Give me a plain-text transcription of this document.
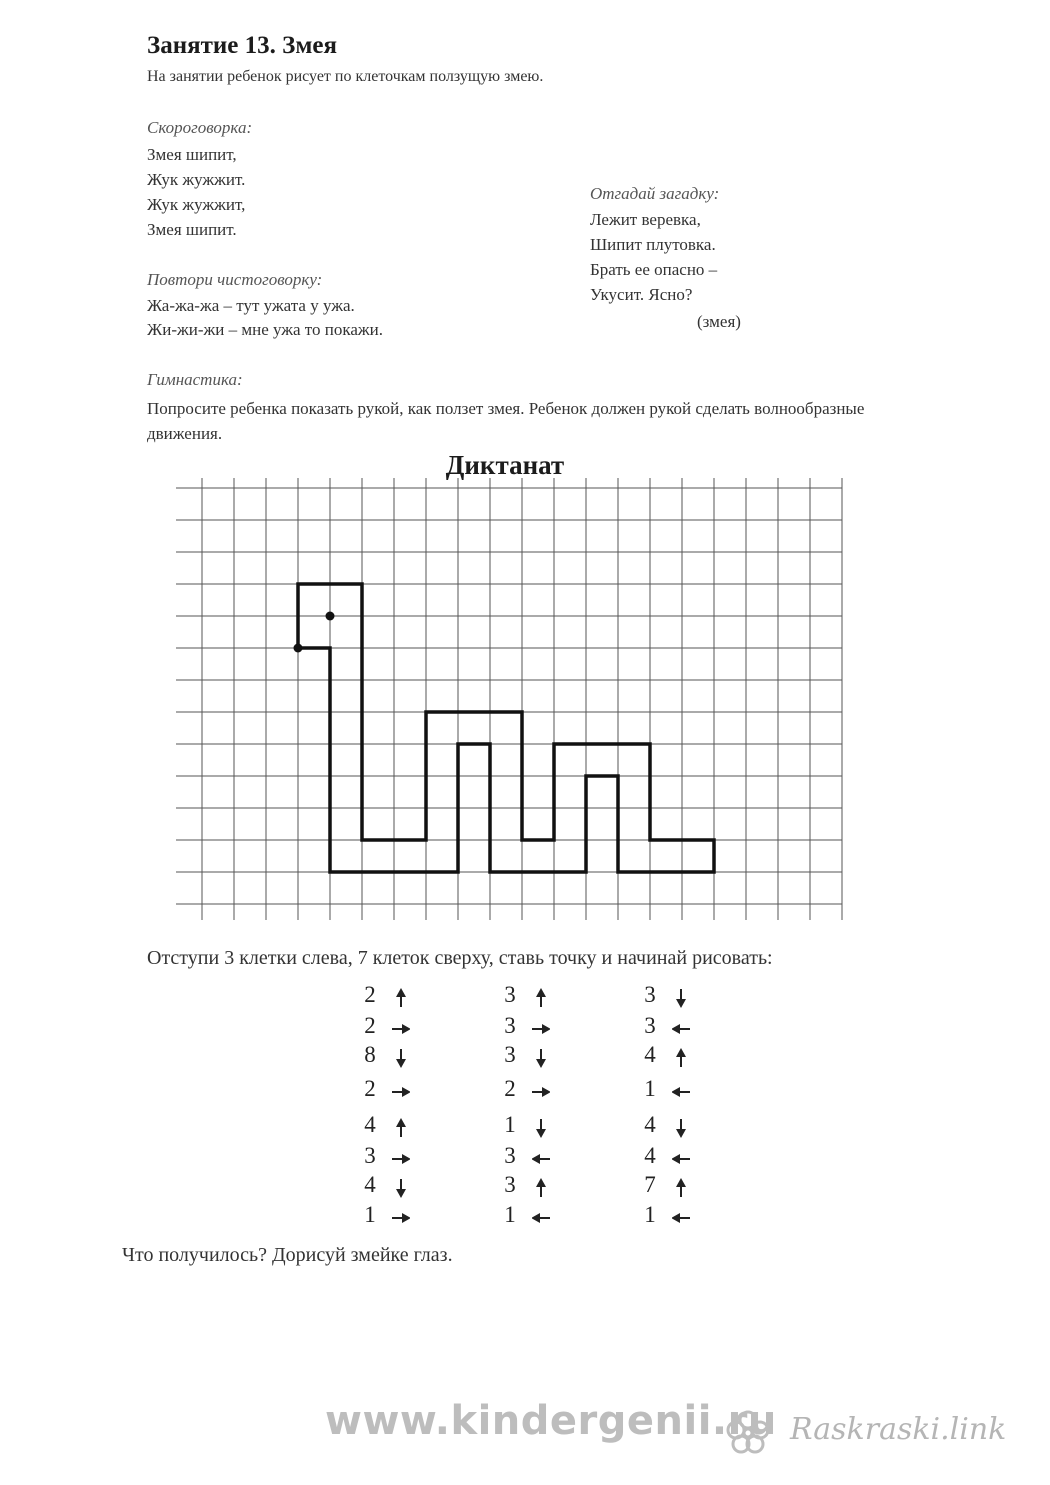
Занятие 13. Змея
На занятии ребенок рисует по клеточкам ползущую змею.
Скороговорка:
Змея шипит,
Жук жужжит.
Жук жужжит,
Змея шипит.
Отгадай загадку:
Лежит веревка,
Шипит плутовка.
Брать ее опасно –
Укусит. Ясно?
(змея)
Повтори чистоговорку:
Жа-жа-жа – тут ужата у ужа.
Жи-жи-жи – мне ужа то покажи.
Гимнастика:
Попросите ребенка показать рукой, как ползет змея. Ребенок должен рукой сделать волнообразные движения.
Диктанат
Отступи 3 клетки слева, 7 клеток сверху, ставь точку и начинай рисовать:
2
2
8
2
4
3
4
1
3
3
3
2
1
3
3
1
3
3
4
1
4
4
7
1
Что получилось? Дорисуй змейке глаз.
www.kindergenii.ru Raskraski.link
